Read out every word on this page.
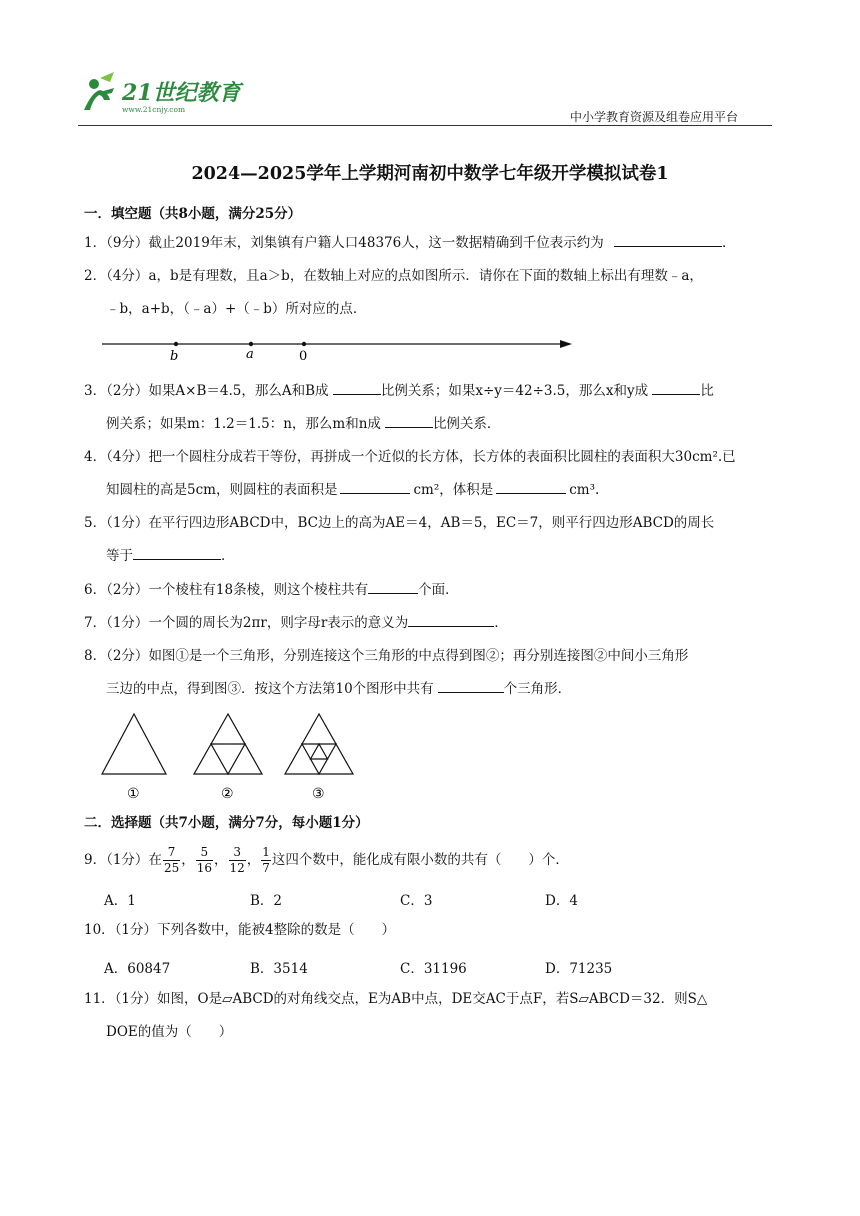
21世纪教育
www.21cnjy.com
中小学教育资源及组卷应用平台
2024—2025学年上学期河南初中数学七年级开学模拟试卷1
一．填空题（共8小题，满分25分）
1．（9分）截止2019年末，刘集镇有户籍人口48376人，这一数据精确到千位表示约为	．
2．（4分）a，b是有理数，且a＞b，在数轴上对应的点如图所示．请你在下面的数轴上标出有理数﹣a，
﹣b，a+b，（﹣a）+（﹣b）所对应的点．
b	a	0
3．（2分）如果A×B＝4.5，那么A和B成	比例关系；如果x÷y＝42÷3.5，那么x和y成	比
例关系；如果m：1.2＝1.5：n，那么m和n成	比例关系．
4．（4分）把一个圆柱分成若干等份，再拼成一个近似的长方体，长方体的表面积比圆柱的表面积大30cm².已
知圆柱的高是5cm，则圆柱的表面积是	cm²，体积是	cm³.
5．（1分）在平行四边形ABCD中，BC边上的高为AE＝4，AB＝5，EC＝7，则平行四边形ABCD的周长
等于	．
6．（2分）一个棱柱有18条棱，则这个棱柱共有	个面．
7．（1分）一个圆的周长为2πr，则字母r表示的意义为	．
8．（2分）如图①是一个三角形，分别连接这个三角形的中点得到图②；再分别连接图②中间小三角形
三边的中点，得到图③．按这个方法第10个图形中共有	个三角形．
①	②	③
二．选择题（共7小题，满分7分，每小题1分）
9．（1分）在 $\frac{7}{25}$ ， $\frac{5}{16}$ ， $\frac{3}{12}$ ， $\frac{1}{7}$ 这四个数中，能化成有限小数的共有（　　）个．
A．1	B．2	C．3	D．4
10．（1分）下列各数中，能被4整除的数是（　　）
A．60847	B．3514	C．31196	D．71235
11．（1分）如图，O是▱ABCD的对角线交点，E为AB中点，DE交AC于点F，若S▱ABCD＝32．则S△
DOE的值为（　　）
